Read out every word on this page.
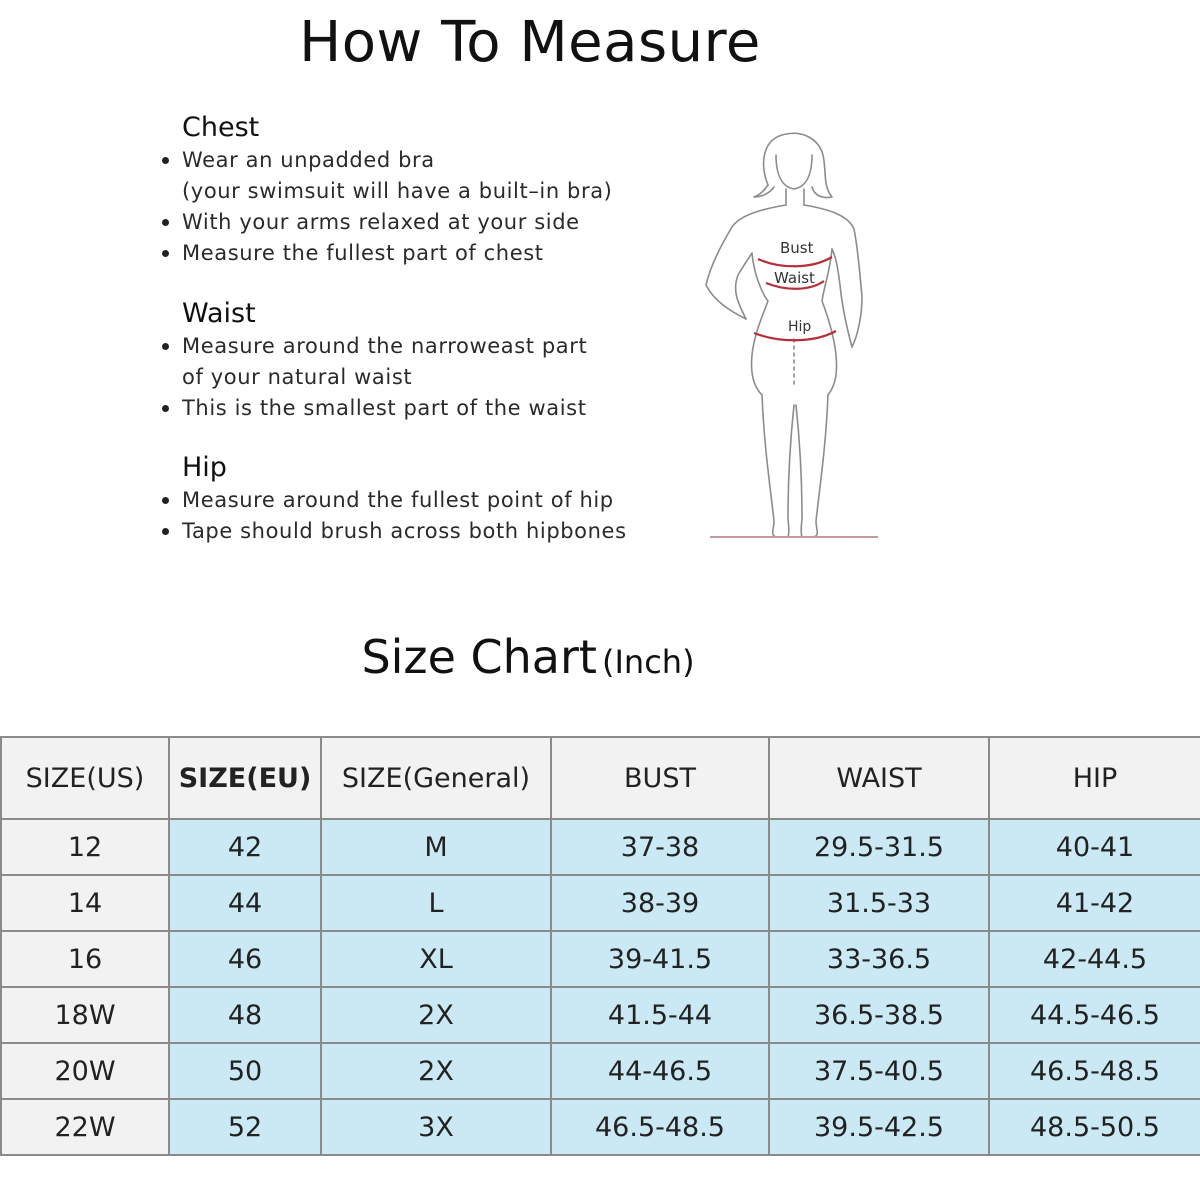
How To Measure
Chest
Wear an unpadded bra
(your swimsuit will have a built–in bra)
With your arms relaxed at your side
Measure the fullest part of chest
Waist
Measure around the narroweast part
of your natural waist
This is the smallest part of the waist
Hip
Measure around the fullest point of hip
Tape should brush across both hipbones
Bust
Waist
Hip
Size Chart (Inch)
SIZE(US)	SIZE(EU)	SIZE(General)	BUST	WAIST	HIP
12	42	M	37-38	29.5-31.5	40-41
14	44	L	38-39	31.5-33	41-42
16	46	XL	39-41.5	33-36.5	42-44.5
18W	48	2X	41.5-44	36.5-38.5	44.5-46.5
20W	50	2X	44-46.5	37.5-40.5	46.5-48.5
22W	52	3X	46.5-48.5	39.5-42.5	48.5-50.5
